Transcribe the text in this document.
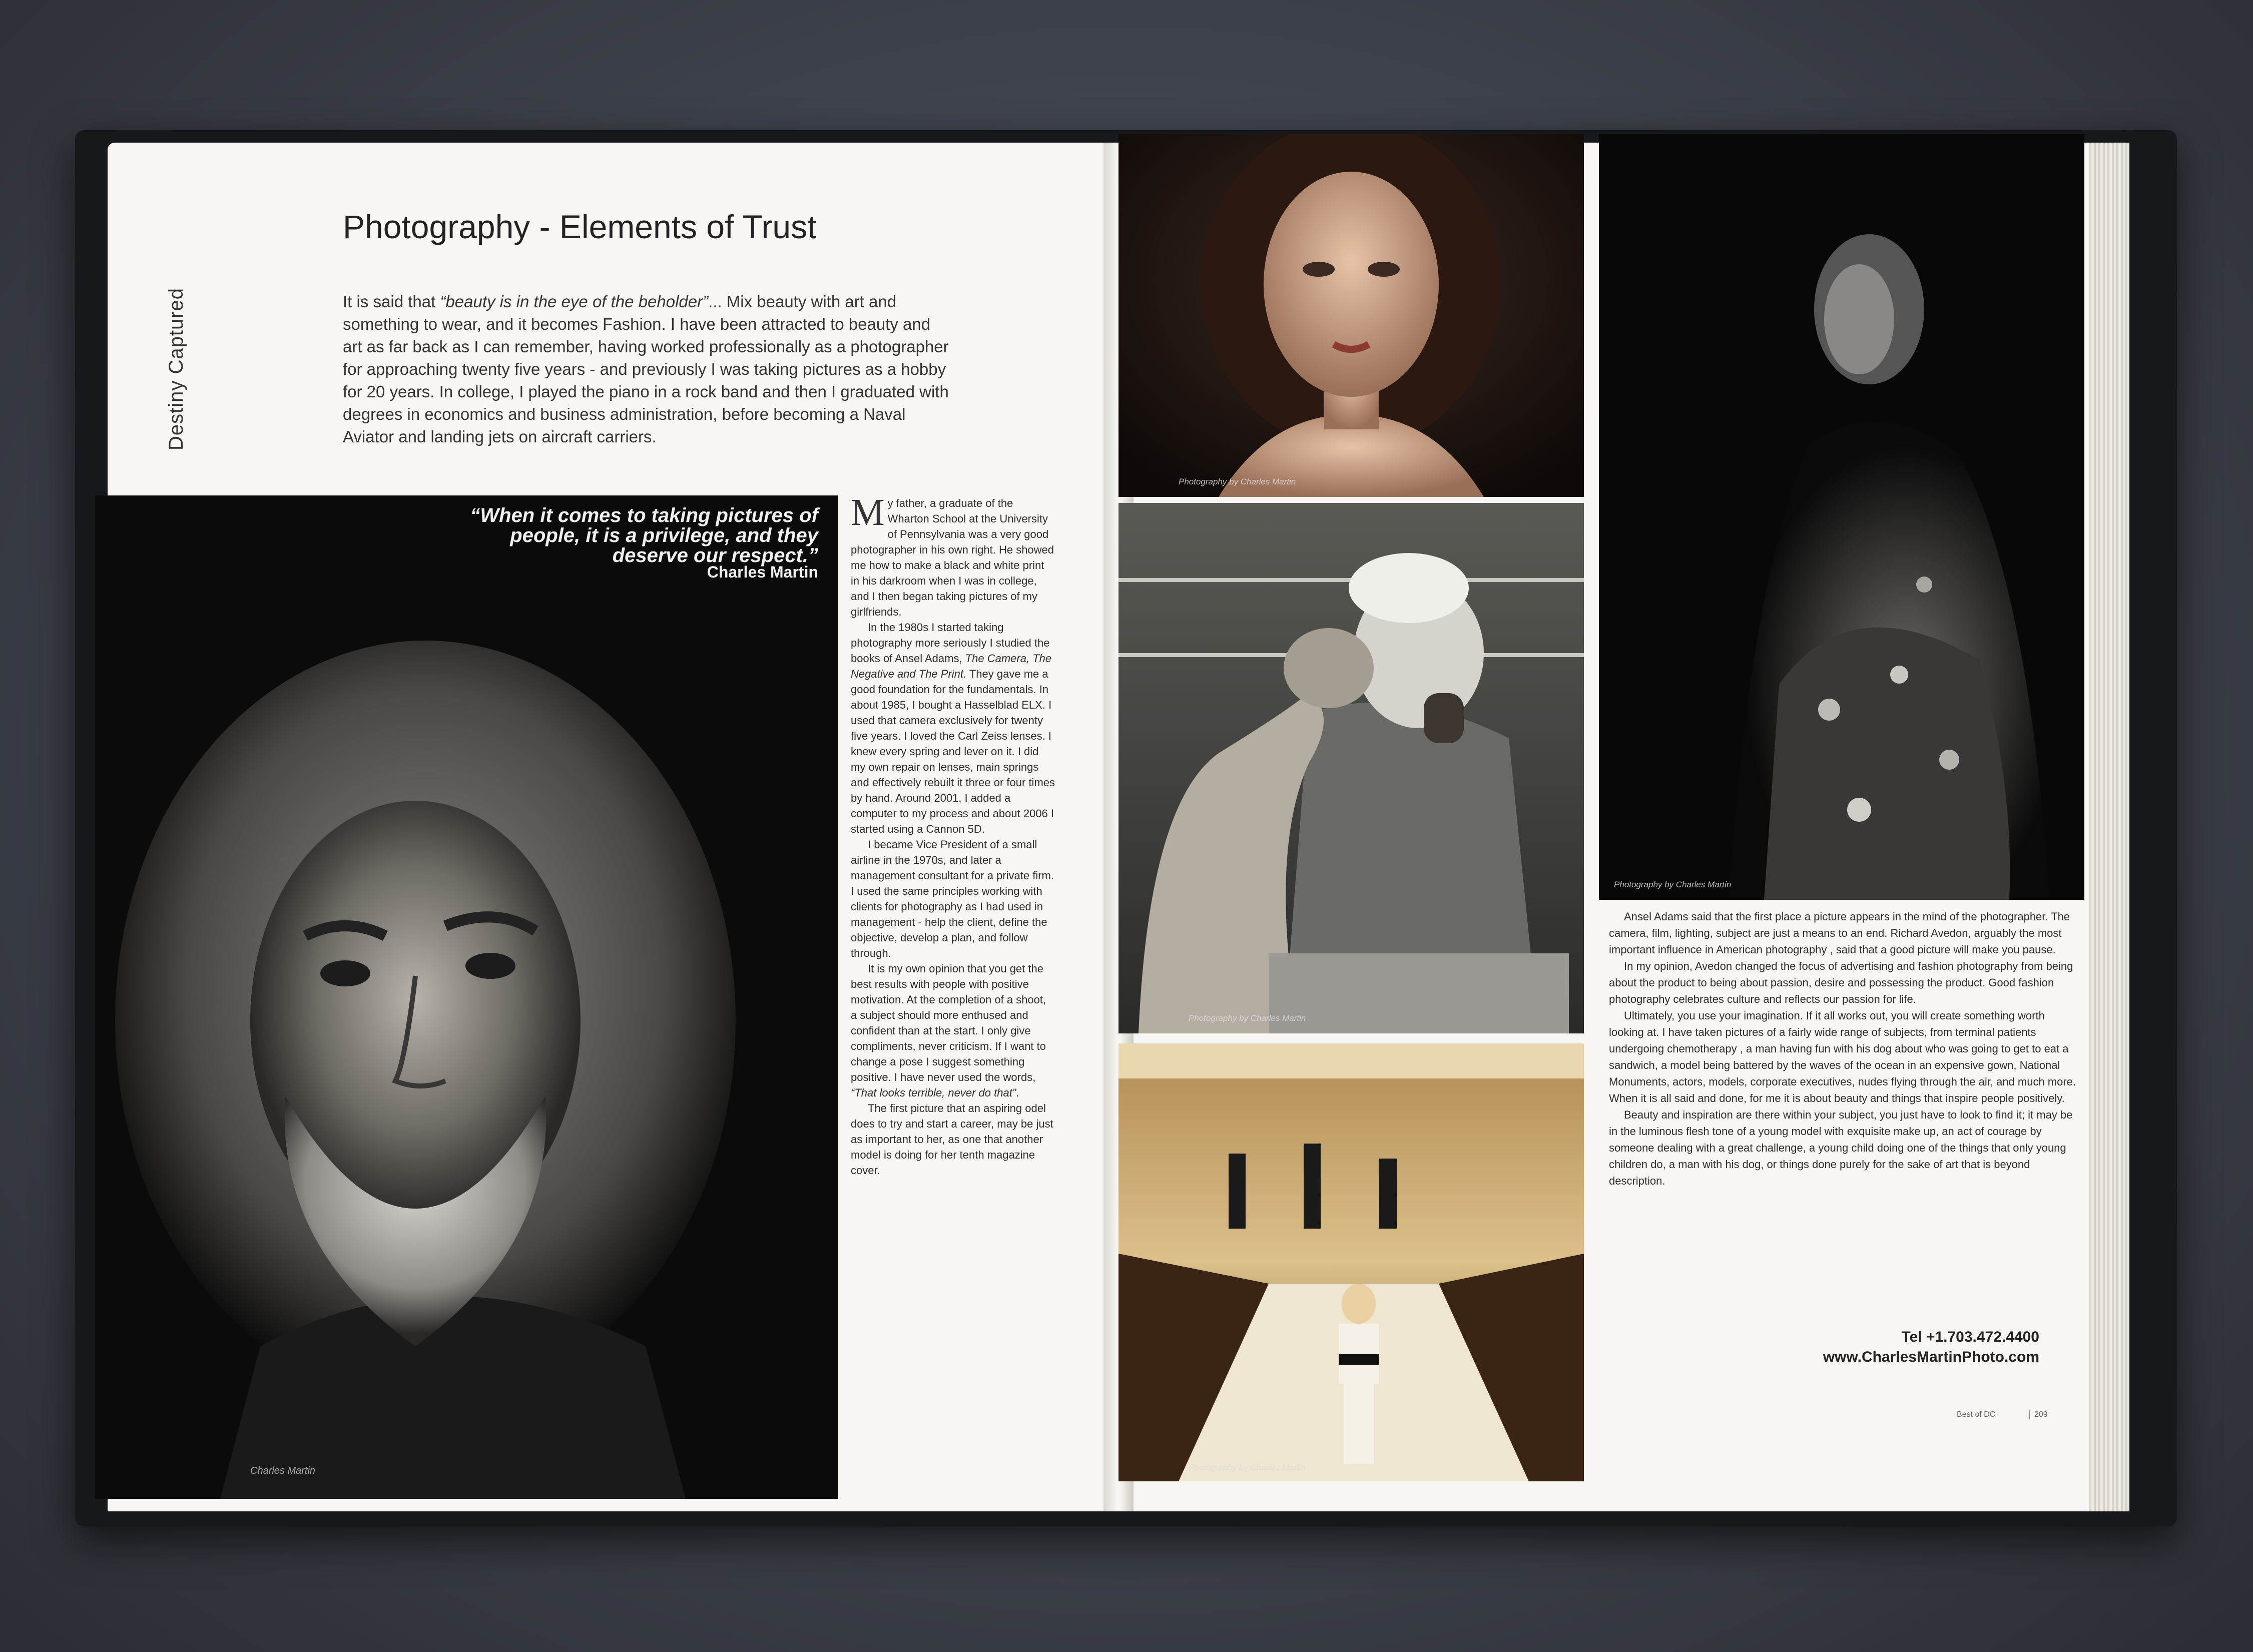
Destiny Captured
Photography - Elements of Trust
It is said that “beauty is in the eye of the beholder”... Mix beauty with art and something to wear, and it becomes Fashion. I have been attracted to beauty and art as far back as I can remember, having worked professionally as a photographer for approaching twenty five years - and previously I was taking pictures as a hobby for 20 years. In college, I played the piano in a rock band and then I graduated with degrees in economics and business administration, before becoming a Naval Aviator and landing jets on aircraft carriers.
“When it comes to taking pictures of people, it is a privilege, and they deserve our respect.”
Charles Martin
Charles Martin

My father, a graduate of the Wharton School at the University of Pennsylvania was a very good photographer in his own right. He showed me how to make a black and white print in his darkroom when I was in college, and I then began taking pictures of my girlfriends.

In the 1980s I started taking photography more seriously I studied the books of Ansel Adams, The Camera, The Negative and The Print. They gave me a good foundation for the fundamentals. In about 1985, I bought a Hasselblad ELX. I used that camera exclusively for twenty five years. I loved the Carl Zeiss lenses. I knew every spring and lever on it. I did my own repair on lenses, main springs and effectively rebuilt it three or four times by hand. Around 2001, I added a computer to my process and about 2006 I started using a Cannon 5D.

I became Vice President of a small airline in the 1970s, and later a management consultant for a private firm. I used the same principles working with clients for photography as I had used in management - help the client, define the objective, develop a plan, and follow through.

It is my own opinion that you get the best results with people with positive motivation. At the completion of a shoot, a subject should more enthused and confident than at the start. I only give compliments, never criticism. If I want to change a pose I suggest something positive. I have never used the words, “That looks terrible, never do that”.

The first picture that an aspiring odel does to try and start a career, may be just as important to her, as one that another model is doing for her tenth magazine cover.

Photography by Charles Martin
Photography by Charles Martin
Photography by Charles Martin
Photography by Charles Martin

Ansel Adams said that the first place a picture appears in the mind of the photographer. The camera, film, lighting, subject are just a means to an end. Richard Avedon, arguably the most important influence in American photography , said that a good picture will make you pause.

In my opinion, Avedon changed the focus of advertising and fashion photography from being about the product to being about passion, desire and possessing the product. Good fashion photography celebrates culture and reflects our passion for life.

Ultimately, you use your imagination. If it all works out, you will create something worth looking at. I have taken pictures of a fairly wide range of subjects, from terminal patients undergoing chemotherapy , a man having fun with his dog about who was going to get to eat a sandwich, a model being battered by the waves of the ocean in an expensive gown, National Monuments, actors, models, corporate executives, nudes flying through the air, and much more. When it is all said and done, for me it is about beauty and things that inspire people positively.

Beauty and inspiration are there within your subject, you just have to look to find it; it may be in the luminous flesh tone of a young model with exquisite make up, an act of courage by someone dealing with a great challenge, a young child doing one of the things that only young children do, a man with his dog, or things done purely for the sake of art that is beyond description.

Tel +1.703.472.4400
www.CharlesMartinPhoto.com
Best of DC	209
